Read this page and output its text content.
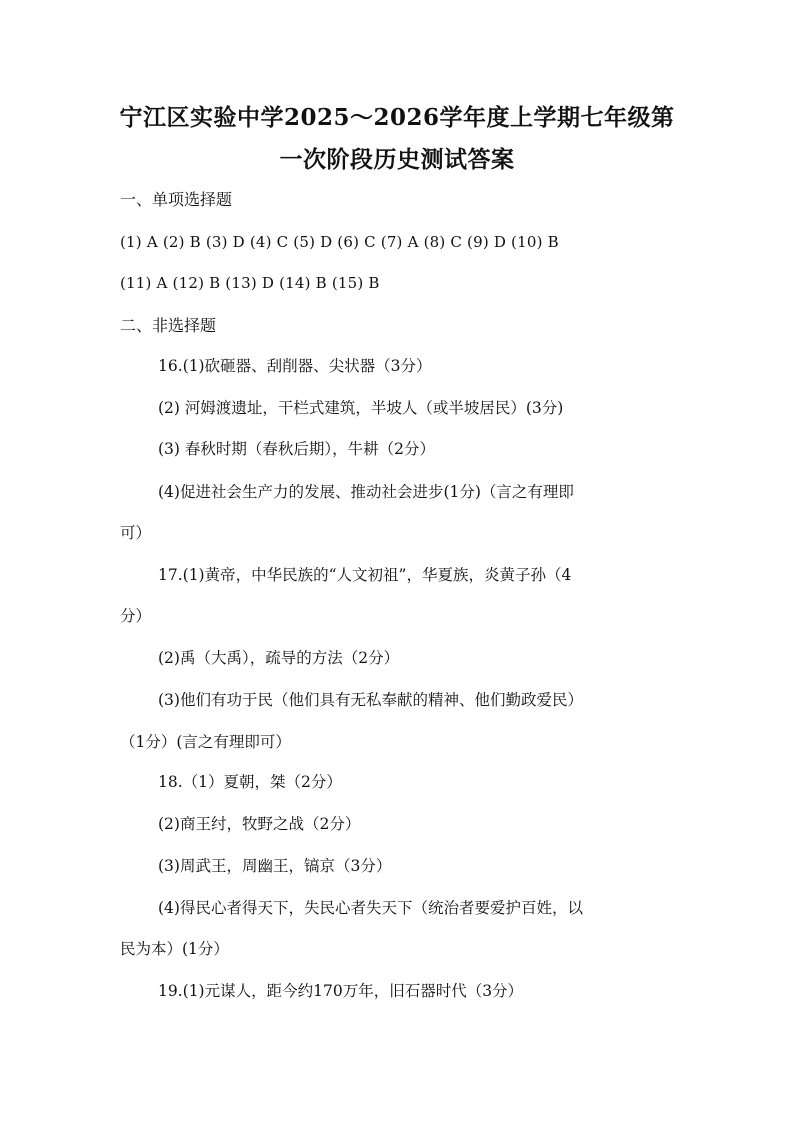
宁江区实验中学2025～2026学年度上学期七年级第
一次阶段历史测试答案
一、单项选择题
(1) A (2) B (3) D (4) C (5) D (6) C (7) A (8) C (9) D (10) B
(11) A (12) B (13) D (14) B (15) B
二、非选择题
16.(1)砍砸器、刮削器、尖状器（3分）
(2) 河姆渡遗址，干栏式建筑，半坡人（或半坡居民）(3分)
(3) 春秋时期（春秋后期），牛耕（2分）
(4)促进社会生产力的发展、推动社会进步(1分)（言之有理即
可）
17.(1)黄帝，中华民族的“人文初祖”，华夏族，炎黄子孙（4
分）
(2)禹（大禹），疏导的方法（2分）
(3)他们有功于民（他们具有无私奉献的精神、他们勤政爱民）
（1分）(言之有理即可）
18.（1）夏朝，桀（2分）
(2)商王纣，牧野之战（2分）
(3)周武王，周幽王，镐京（3分）
(4)得民心者得天下，失民心者失天下（统治者要爱护百姓，以
民为本）(1分）
19.(1)元谋人，距今约170万年，旧石器时代（3分）
